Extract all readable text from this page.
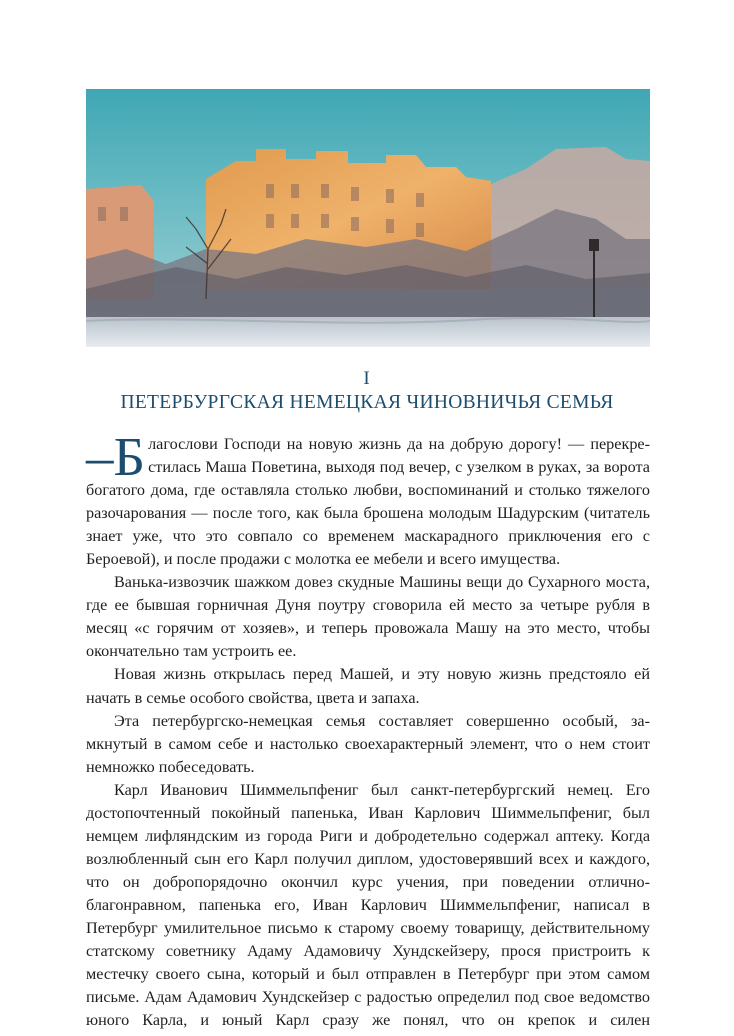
I
ПЕТЕРБУРГСКАЯ НЕМЕЦКАЯ ЧИНОВНИЧЬЯ СЕМЬЯ

–Б лагослови Господи на новую жизнь да на добрую дорогу! — перекрестилась Маша Поветина, выходя под вечер, с узелком в руках, за ворота богатого дома, где оставляла столько любви, воспоминаний и столько тяжелого разочарования — после того, как была брошена молодым Шадурским (читатель знает уже, что это совпало со временем маскарадного приключения его с Бероевой), и после продажи с молотка ее мебели и всего имущества.

Ванька-извозчик шажком довез скудные Машины вещи до Сухарного моста, где ее бывшая горничная Дуня поутру сговорила ей место за четыре рубля в месяц «с горячим от хозяев», и теперь провожала Машу на это место, чтобы окончательно там устроить ее.

Новая жизнь открылась перед Машей, и эту новую жизнь предстояло ей начать в семье особого свойства, цвета и запаха.

Эта петербургско-немецкая семья составляет совершенно особый, замкнутый в самом себе и настолько своехарактерный элемент, что о нем стоит немножко побеседовать.

Карл Иванович Шиммельпфениг был санкт-петербургский немец. Его достопочтенный покойный папенька, Иван Карлович Шиммельпфениг, был немцем лифляндским из города Риги и добродетельно содержал аптеку. Когда возлюбленный сын его Карл получил диплом, удостоверявший всех и каждого, что он добропорядочно окончил курс учения, при поведении отлично-благонравном, папенька его, Иван Карлович Шиммельпфениг, написал в Петербург умилительное письмо к старому своему товарищу, действительному статскому советнику Адаму Адамовичу Хундскейзеру, прося пристроить к местечку своего сына, который и был отправлен в Петербург при этом самом письме. Адам Адамович Хундскейзер с радостью определил под свое ведомство юного Карла, и юный Карл сразу же понял, что он крепок и силен
